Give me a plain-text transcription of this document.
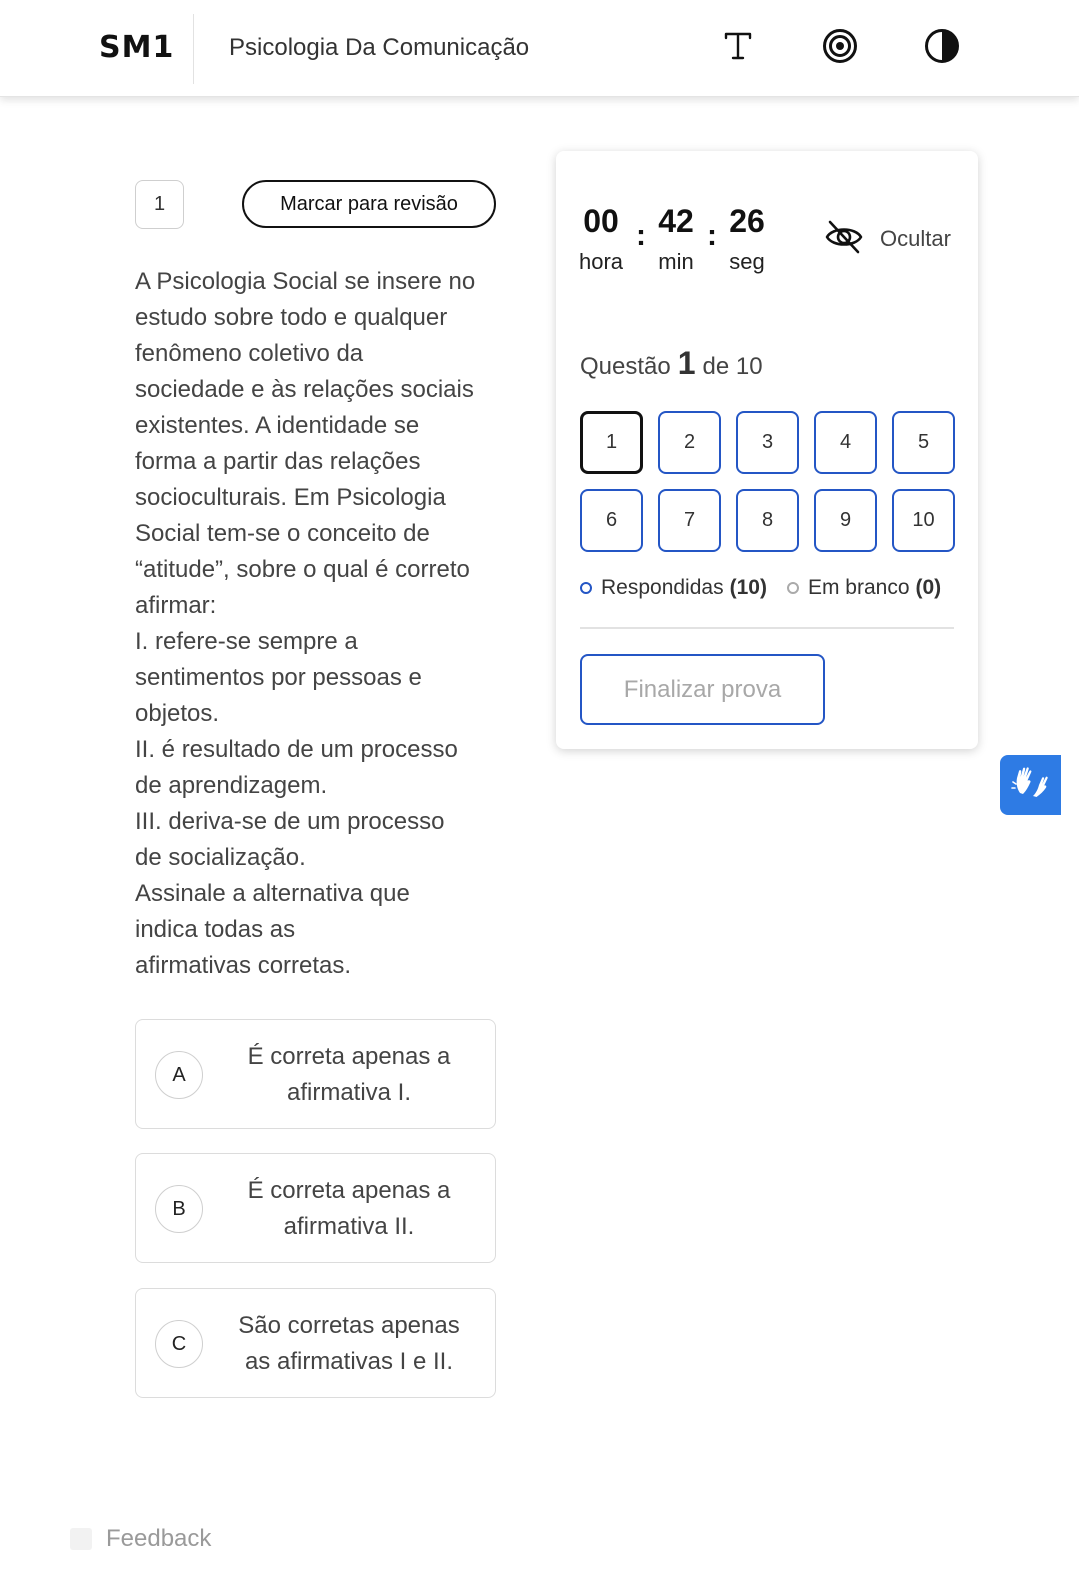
SM1 Psicologia Da Comunicação
1	Marcar para revisão
A Psicologia Social se insere no
estudo sobre todo e qualquer
fenômeno coletivo da
sociedade e às relações sociais
existentes. A identidade se
forma a partir das relações
socioculturais. Em Psicologia
Social tem-se o conceito de
“atitude”, sobre o qual é correto
afirmar:
I. refere-se sempre a
sentimentos por pessoas e
objetos.
II. é resultado de um processo
de aprendizagem.
III. deriva-se de um processo
de socialização.
Assinale a alternativa que
indica todas as
afirmativas corretas.
A
É correta apenas a
afirmativa I.
B
É correta apenas a
afirmativa II.
C
São corretas apenas
as afirmativas I e II.
00 : 42 : 26
hora	min	seg
Ocultar
Questão 1 de 10
1	2	3	4	5
6	7	8	9	10
Respondidas (10) Em branco (0)
Finalizar prova
Feedback
